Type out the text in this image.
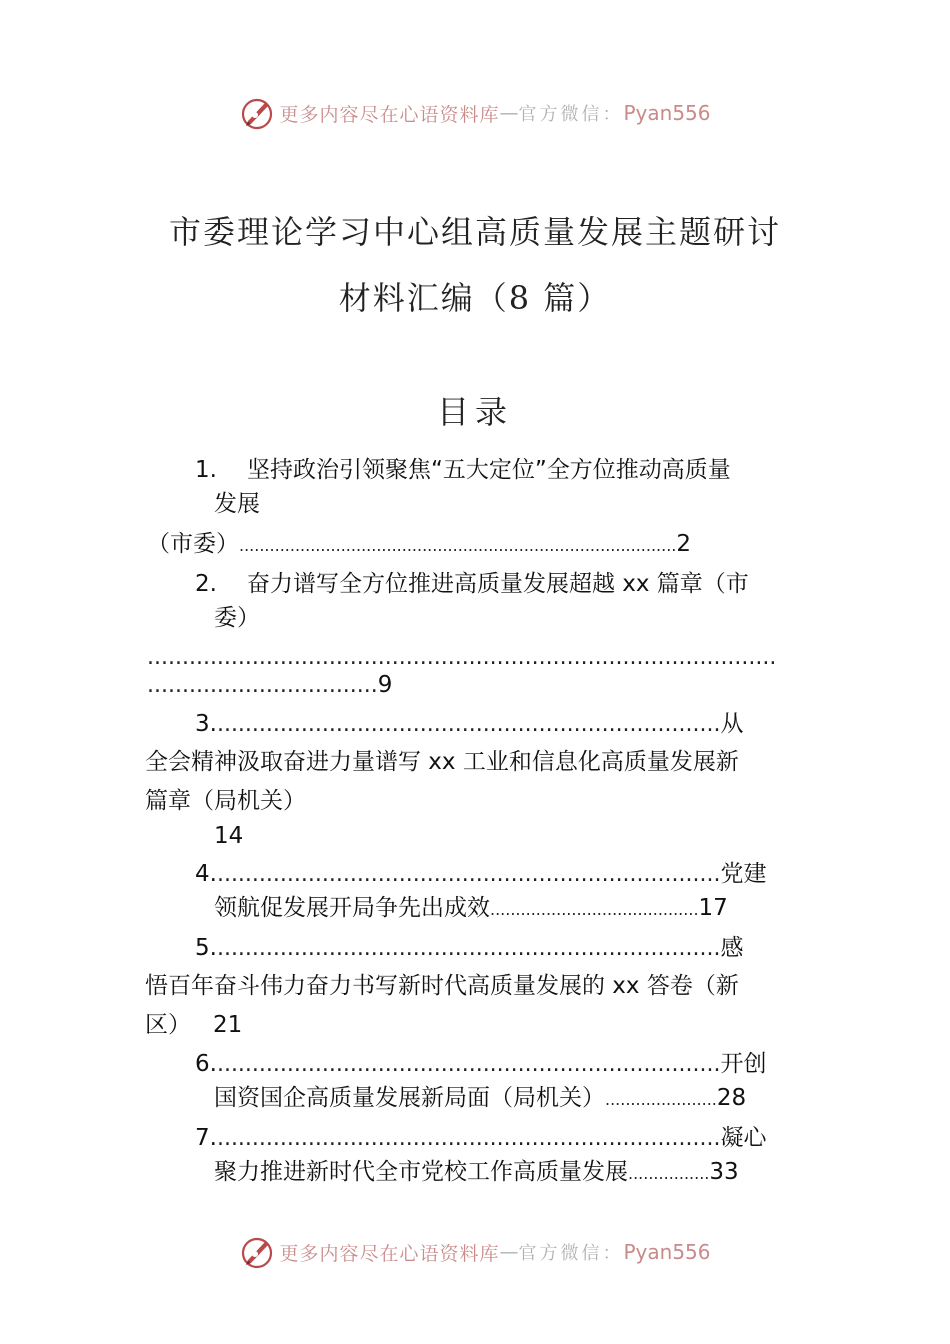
更多内容尽在心语资料库 — 官方微信： Pyan556
市委理论学习中心组高质量发展主题研讨
材料汇编（8 篇）
目录
1. 坚持政治引领聚焦“五大定位”全方位推动高质量
发展
（市委）......................................................................................2
2. 奋力谱写全方位推进高质量发展超越 xx 篇章（市
委）
..........................................................................................
.................................9
3.........................................................................从
全会精神汲取奋进力量谱写 xx 工业和信息化高质量发展新
篇章（局机关）
14
4.........................................................................党建
领航促发展开局争先出成效.........................................17
5.........................................................................感
悟百年奋斗伟力奋力书写新时代高质量发展的 xx 答卷（新
区） 21
6.........................................................................开创
国资国企高质量发展新局面（局机关）......................28
7.........................................................................凝心
聚力推进新时代全市党校工作高质量发展................33
更多内容尽在心语资料库 — 官方微信： Pyan556
